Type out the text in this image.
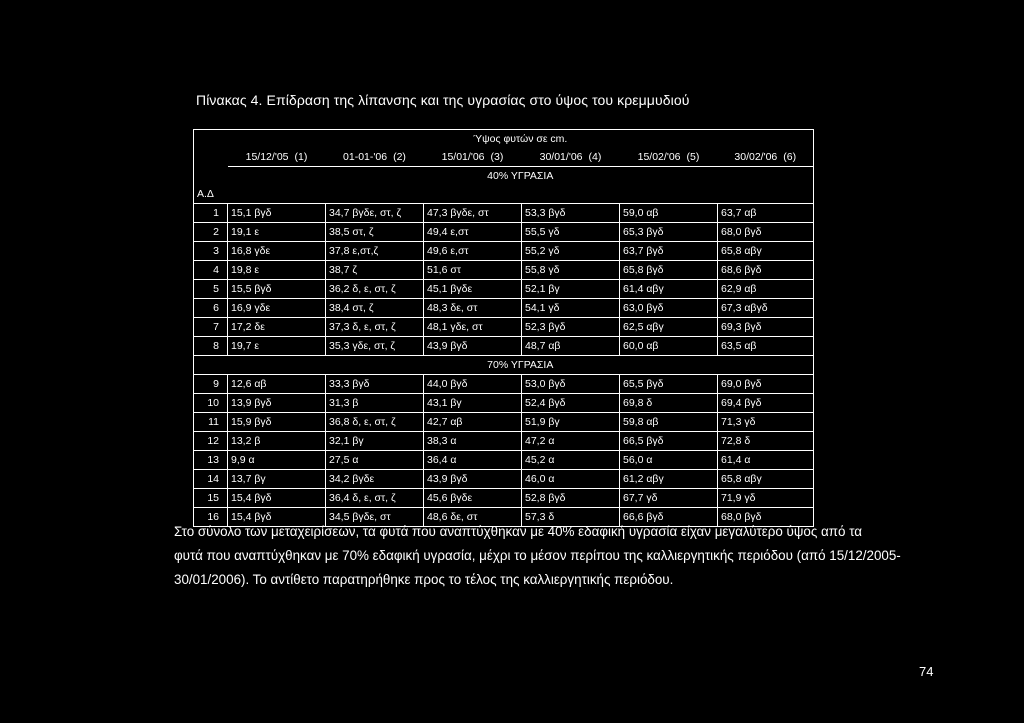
Πίνακας 4. Επίδραση της λίπανσης και της υγρασίας στο ύψος του κρεμμυδιού
	Ύψος φυτών σε cm.					
	15/12/'05 (1)	01-01-'06 (2)	15/01/'06 (3)	30/01/'06 (4)	15/02/'06 (5)	30/02/'06 (6)
	40% ΥΓΡΑΣΙΑ					
Α.Δ						
1	15,1 βγδ	34,7 βγδε, στ, ζ	47,3 βγδε, στ	53,3 βγδ	59,0 αβ	63,7 αβ
2	19,1 ε	38,5 στ, ζ	49,4 ε,στ	55,5 γδ	65,3 βγδ	68,0 βγδ
3	16,8 γδε	37,8 ε,στ,ζ	49,6 ε,στ	55,2 γδ	63,7 βγδ	65,8 αβγ
4	19,8 ε	38,7 ζ	51,6 στ	55,8 γδ	65,8 βγδ	68,6 βγδ
5	15,5 βγδ	36,2 δ, ε, στ, ζ	45,1 βγδε	52,1 βγ	61,4 αβγ	62,9 αβ
6	16,9 γδε	38,4 στ, ζ	48,3 δε, στ	54,1 γδ	63,0 βγδ	67,3 αβγδ
7	17,2 δε	37,3 δ, ε, στ, ζ	48,1 γδε, στ	52,3 βγδ	62,5 αβγ	69,3 βγδ
8	19,7 ε	35,3 γδε, στ, ζ	43,9 βγδ	48,7 αβ	60,0 αβ	63,5 αβ
	70% ΥΓΡΑΣΙΑ					
9	12,6 αβ	33,3 βγδ	44,0 βγδ	53,0 βγδ	65,5 βγδ	69,0 βγδ
10	13,9 βγδ	31,3 β	43,1 βγ	52,4 βγδ	69,8 δ	69,4 βγδ
11	15,9 βγδ	36,8 δ, ε, στ, ζ	42,7 αβ	51,9 βγ	59,8 αβ	71,3 γδ
12	13,2 β	32,1 βγ	38,3 α	47,2 α	66,5 βγδ	72,8 δ
13	9,9 α	27,5 α	36,4 α	45,2 α	56,0 α	61,4 α
14	13,7 βγ	34,2 βγδε	43,9 βγδ	46,0 α	61,2 αβγ	65,8 αβγ
15	15,4 βγδ	36,4 δ, ε, στ, ζ	45,6 βγδε	52,8 βγδ	67,7 γδ	71,9 γδ
16	15,4 βγδ	34,5 βγδε, στ	48,6 δε, στ	57,3 δ	66,6 βγδ	68,0 βγδ
Στο σύνολο των μεταχειρίσεων, τα φυτά που αναπτύχθηκαν με 40% εδαφική υγρασία είχαν μεγαλύτερο ύψος από τα
φυτά που αναπτύχθηκαν με 70% εδαφική υγρασία, μέχρι το μέσον περίπου της καλλιεργητικής περιόδου (από 15/12/2005-
30/01/2006). Το αντίθετο παρατηρήθηκε προς το τέλος της καλλιεργητικής περιόδου.
74
